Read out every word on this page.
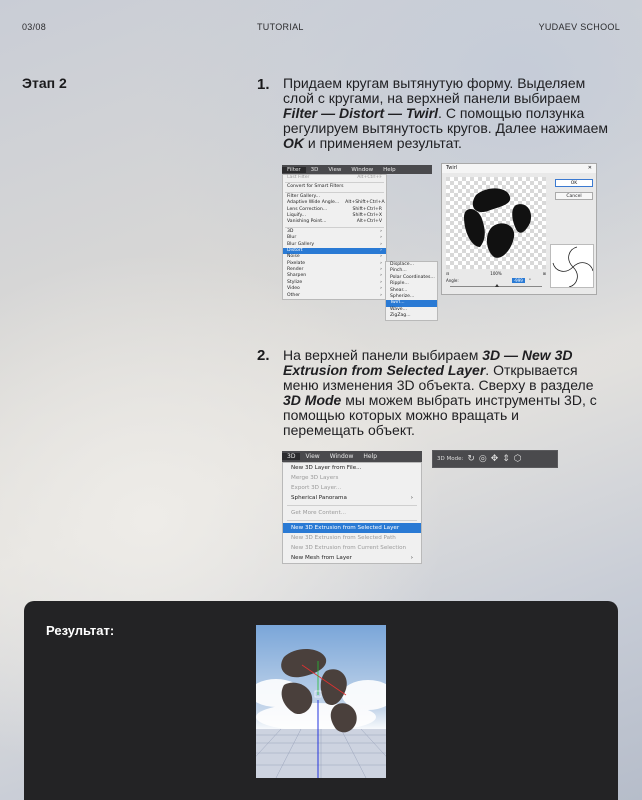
03/08	TUTORIAL	YUDAEV SCHOOL
Этап 2	1. Придаем кругам вытянутую форму. Выделяем слой с кругами, на верхней панели выбираем Filter — Distort — Twirl. С помощью ползунка регулируем вытянутость кругов. Далее нажимаем OK и применяем результат.
Filter	3D	View	Window	Help
Last Filter	Alt+Ctrl+F
Convert for Smart Filters
Filter Gallery...
Adaptive Wide Angle... Alt+Shift+Ctrl+A
Lens Correction...	Shift+Ctrl+R
Liquify...	Shift+Ctrl+X
Vanishing Point...	Alt+Ctrl+V
3D	›
Blur	›
Blur Gallery	›
Distort	›
Noise	›
Pixelate	›
Render	›
Sharpen	›
Stylize	›
Video	›
Other	›
Displace...
Pinch...
Polar Coordinates...
Ripple...
Shear...
Spherize...
Twirl...
Wave...
ZigZag...
Twirl	✕
⊟	100%	⊞
Angle:	-999	°
OK
Cancel
2. На верхней панели выбираем 3D — New 3D Extrusion from Selected Layer. Открывается меню изменения 3D объекта. Сверху в разделе 3D Mode мы можем выбрать инструменты 3D, с помощью которых можно вращать и перемещать объект.
3D	View	Window	Help
New 3D Layer from File...
Merge 3D Layers
Export 3D Layer...
Spherical Panorama	›
Get More Content...
New 3D Extrusion from Selected Layer
New 3D Extrusion from Selected Path
New 3D Extrusion from Current Selection
New Mesh from Layer	›
3D Mode: ↻ ◎ ✥ ⇕ ⬡
Результат:
